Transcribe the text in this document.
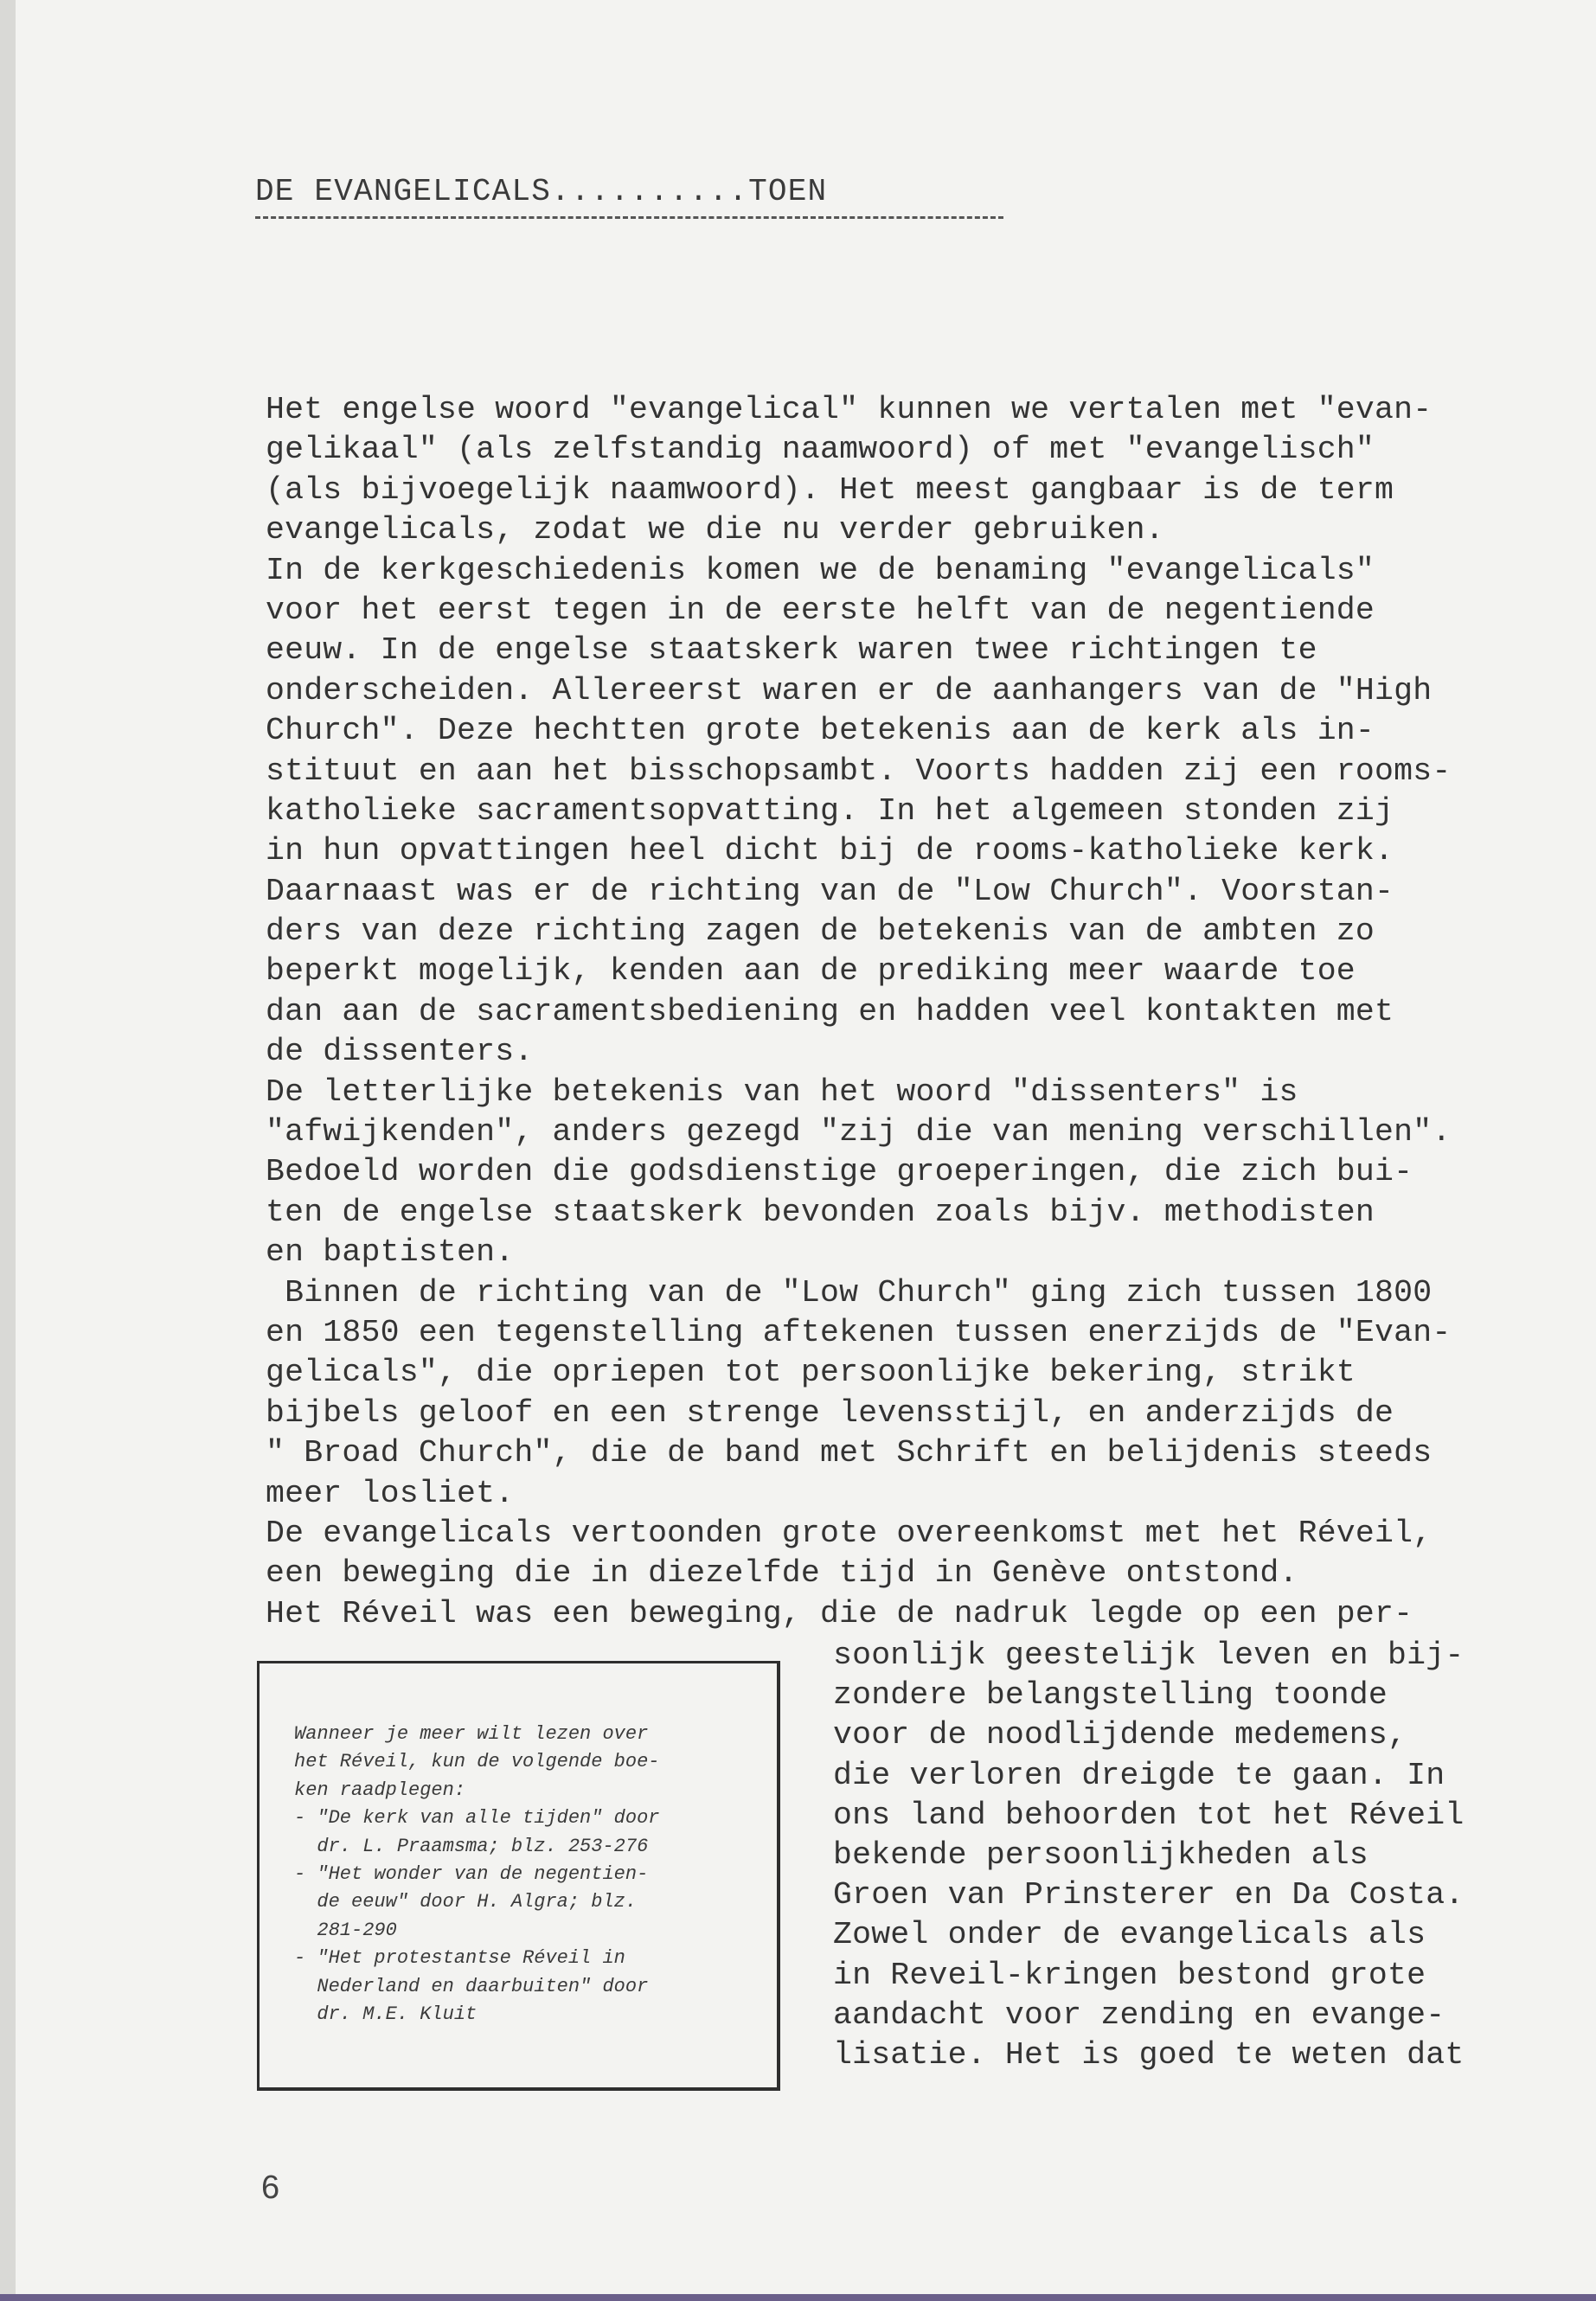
DE EVANGELICALS..........TOEN
Het engelse woord "evangelical" kunnen we vertalen met "evan-
gelikaal" (als zelfstandig naamwoord) of met "evangelisch"
(als bijvoegelijk naamwoord). Het meest gangbaar is de term
evangelicals, zodat we die nu verder gebruiken.
In de kerkgeschiedenis komen we de benaming "evangelicals"
voor het eerst tegen in de eerste helft van de negentiende
eeuw. In de engelse staatskerk waren twee richtingen te
onderscheiden. Allereerst waren er de aanhangers van de "High
Church". Deze hechtten grote betekenis aan de kerk als in-
stituut en aan het bisschopsambt. Voorts hadden zij een rooms-
katholieke sacramentsopvatting. In het algemeen stonden zij
in hun opvattingen heel dicht bij de rooms-katholieke kerk.
Daarnaast was er de richting van de "Low Church". Voorstan-
ders van deze richting zagen de betekenis van de ambten zo
beperkt mogelijk, kenden aan de prediking meer waarde toe
dan aan de sacramentsbediening en hadden veel kontakten met
de dissenters.
De letterlijke betekenis van het woord "dissenters" is
"afwijkenden", anders gezegd "zij die van mening verschillen".
Bedoeld worden die godsdienstige groeperingen, die zich bui-
ten de engelse staatskerk bevonden zoals bijv. methodisten
en baptisten.
Binnen de richting van de "Low Church" ging zich tussen 1800
en 1850 een tegenstelling aftekenen tussen enerzijds de "Evan-
gelicals", die opriepen tot persoonlijke bekering, strikt
bijbels geloof en een strenge levensstijl, en anderzijds de
" Broad Church", die de band met Schrift en belijdenis steeds
meer losliet.
De evangelicals vertoonden grote overeenkomst met het Réveil,
een beweging die in diezelfde tijd in Genève ontstond.
Het Réveil was een beweging, die de nadruk legde op een per-
soonlijk geestelijk leven en bij-
zondere belangstelling toonde
voor de noodlijdende medemens,
die verloren dreigde te gaan. In
ons land behoorden tot het Réveil
bekende persoonlijkheden als
Groen van Prinsterer en Da Costa.
Zowel onder de evangelicals als
in Reveil-kringen bestond grote
aandacht voor zending en evange-
lisatie. Het is goed te weten dat
Wanneer je meer wilt lezen over
het Réveil, kun de volgende boe-
ken raadplegen:
- "De kerk van alle tijden" door
dr. L. Praamsma; blz. 253-276
- "Het wonder van de negentien-
de eeuw" door H. Algra; blz.
281-290
- "Het protestantse Réveil in
Nederland en daarbuiten" door
dr. M.E. Kluit
6
